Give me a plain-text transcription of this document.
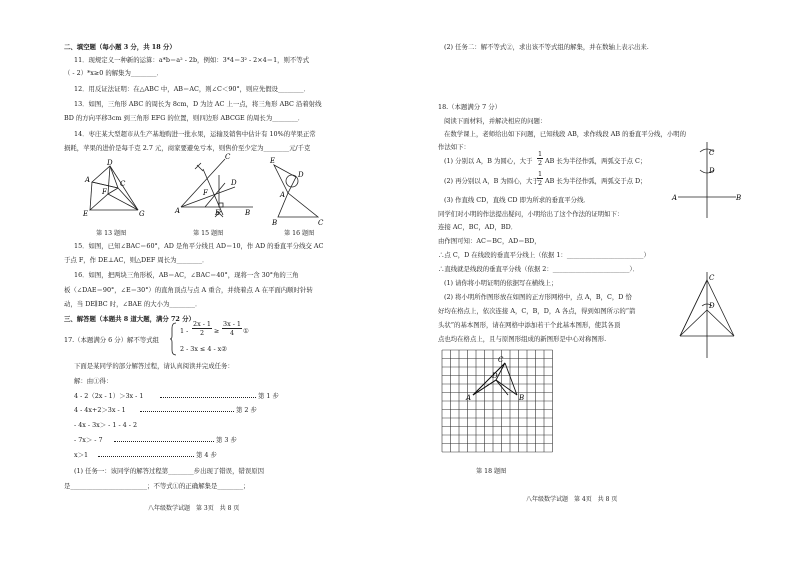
二、填空题（每小题 3 分，共 18 分）
11．现规定义一种新的运算：a*b＝a² - 2b，例如：3*4＝3² - 2×4＝1，则不等式
（ - 2）*x≥0 的解集为________．
12．用反证法证明：在△ABC 中，AB＝AC，则∠C＜90°，则应先假设________．
13．如图，三角形 ABC 的周长为 8cm，D 为边 AC 上一点，将三角形 ABC 沿着射线
BD 的方向平移3cm 到三角形 EFG 的位置，则四边形 ABCGE 的周长为________．
14．枣庄某大型超市从生产基地购进一批水果，运输及销售中估计有 10%的苹果正常
损耗，苹果的进价是每千克 2.7 元，商家要避免亏本，则售价至少定为________元/千克
A
D
C
F
E	G	A
C
D
E
F
B
E
D
A
B	C
第 13 题图	第 15 题图	第 16 题图
15．如图，已知∠BAC＝60°，AD 是角平分线且 AD＝10，作 AD 的垂直平分线交 AC
于点 F，作 DE⊥AC，则△DEF 周长为________．
16．如图，把两块三角形板，AB＝AC，∠BAC＝40°，现将一含 30°角的三角
板（∠DAE＝90°，∠E＝30°）的直角顶点与点 A 重合，并绕着点 A 在平面内顺时针转
动，当 DE∥BC 时，∠BAE 的大小为________．
三、解答题（本题共 8 道大题，满分 72 分）
17.（本题满分 6 分）解不等式组
1 -
2x - 1
2	≥
3x - 1
4	①
2 - 3x ≤ 4 - x②
下面是某同学的部分解答过程，请认真阅读并完成任务：
解：由①得：
4 - 2（2x - 1）＞3x - 1	第 1 步
4 - 4x+2＞3x - 1	第 2 步
- 4x - 3x＞ - 1 - 4 - 2
- 7x＞ - 7	第 3 步
x＞1	第 4 步
(1) 任务一：该同学的解答过程第________步出现了错误，错误原因
是________________________；不等式①的正确解集是________；
八年级数学试题　第 3页　共 8 页
(2) 任务二：解不等式②，求出该不等式组的解集，并在数轴上表示出来.
18.（本题满分 7 分）
阅读下面材料，并解决相应的问题：
在数学课上，老师给出如下问题，已知线段 AB，求作线段 AB 的垂直平分线，小明的
作法如下：
(1) 分别以 A，B 为圆心，大于
1
2 AB 长为半径作弧，两弧交于点 C；
(2) 再分别以 A，B 为圆心，大于
1
2 AB 长为半径作弧，两弧交于点 D；
(3) 作直线 CD，直线 CD 即为所求的垂直平分线．
同学们对小明的作法提出疑问，小明给出了这个作法的证明如下：
连接 AC，BC，AD，BD．
由作图可知：AC＝BC，AD＝BD，
∴点 C，D 在线段的垂直平分线上（依据 1：________________________）
∴直线就是线段的垂直平分线（依据 2：________________________）．
(1) 请你将小明证明的依据写在横线上；
(2) 将小明所作图形放在如图的正方形网格中，点 A，B，C，D 恰
好均在格点上，依次连接 A，C，B，D，A 各点，得到如图所示的“箭
头状”的基本图形，请在网格中添加若干个此基本图形，使其各顶
点也均在格点上，且与原图形组成的新图形是中心对称图形.
C
D
A	B
C
D
C
D
A	B
第 18 题图
八年级数学试题　第 4页　共 8 页
